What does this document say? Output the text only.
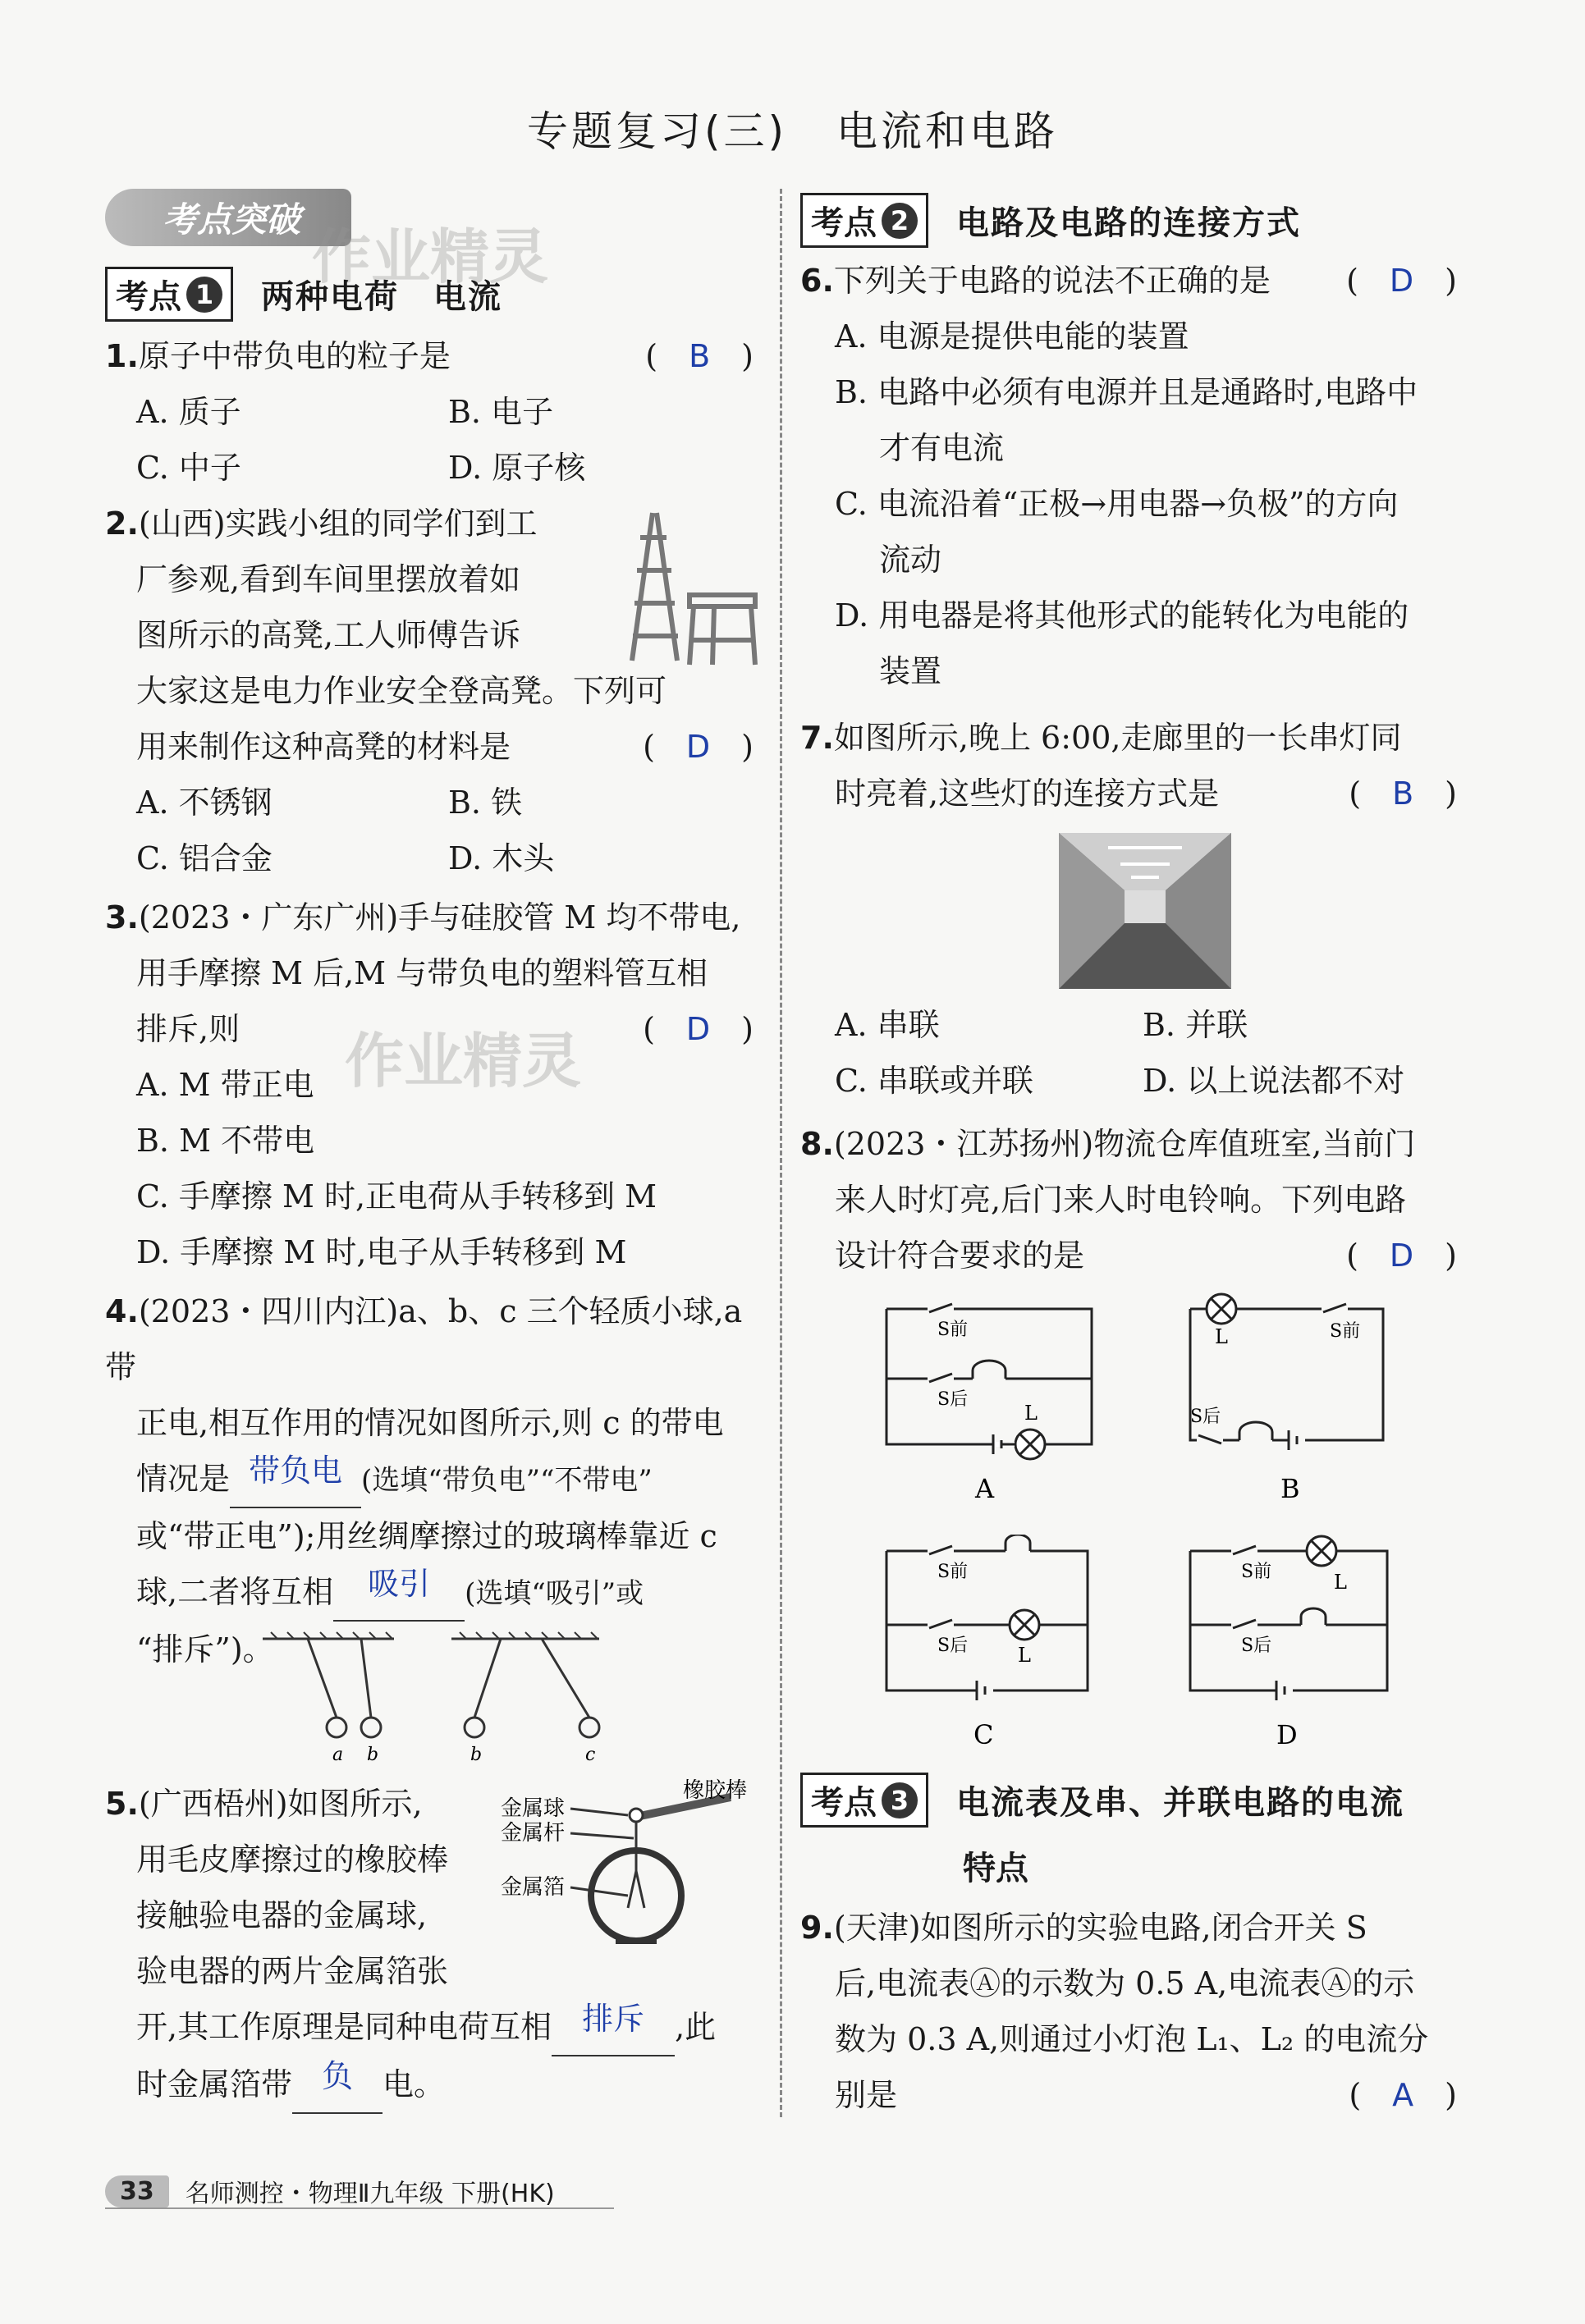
专题复习(三) 电流和电路
考点突破
作业精灵
作业精灵
考点 1 两种电荷　电流
1.原子中带负电的粒子是	(　B　)
A. 质子	B. 电子
C. 中子	D. 原子核
2.(山西)实践小组的同学们到工
厂参观,看到车间里摆放着如
图所示的高凳,工人师傅告诉
大家这是电力作业安全登高凳。下列可
用来制作这种高凳的材料是	(　D　)
A. 不锈钢	B. 铁
C. 铝合金	D. 木头
3.(2023・广东广州)手与硅胶管 M 均不带电,
用手摩擦 M 后,M 与带负电的塑料管互相
排斥,则	(　D　)
A. M 带正电
B. M 不带电
C. 手摩擦 M 时,正电荷从手转移到 M
D. 手摩擦 M 时,电子从手转移到 M
4.(2023・四川内江)a、b、c 三个轻质小球,a 带
正电,相互作用的情况如图所示,则 c 的带电
情况是 带负电 (选填“带负电”“不带电”
或“带正电”);用丝绸摩擦过的玻璃棒靠近 c
球,二者将互相 吸引 (选填“吸引”或
“排斥”)。
a b	b	c
5.(广西梧州)如图所示,
用毛皮摩擦过的橡胶棒
接触验电器的金属球,
验电器的两片金属箔张
开,其工作原理是同种电荷互相 排斥 ,此
时金属箔带 负 电。
橡胶棒
金属球
金属杆
金属箔
考点 2 电路及电路的连接方式
6.下列关于电路的说法不正确的是 (　D　)
A. 电源是提供电能的装置
B. 电路中必须有电源并且是通路时,电路中
才有电流
C. 电流沿着“正极→用电器→负极”的方向
流动
D. 用电器是将其他形式的能转化为电能的
装置
7.如图所示,晚上 6:00,走廊里的一长串灯同
时亮着,这些灯的连接方式是	(　B　)
A. 串联	B. 并联
C. 串联或并联	D. 以上说法都不对
8.(2023・江苏扬州)物流仓库值班室,当前门
来人时灯亮,后门来人时电铃响。下列电路
设计符合要求的是	(　D　)
S前
S后
L
A
L	S前
S后
B
S前
S后	L
C
S前
S后
L
D
考点 3 电流表及串、并联电路的电流
特点
9.(天津)如图所示的实验电路,闭合开关 S
后,电流表Ⓐ的示数为 0.5 A,电流表Ⓐ的示
数为 0.3 A,则通过小灯泡 L₁、L₂ 的电流分
别是	(　A　)
33	名师测控・物理Ⅱ九年级 下册(HK)
